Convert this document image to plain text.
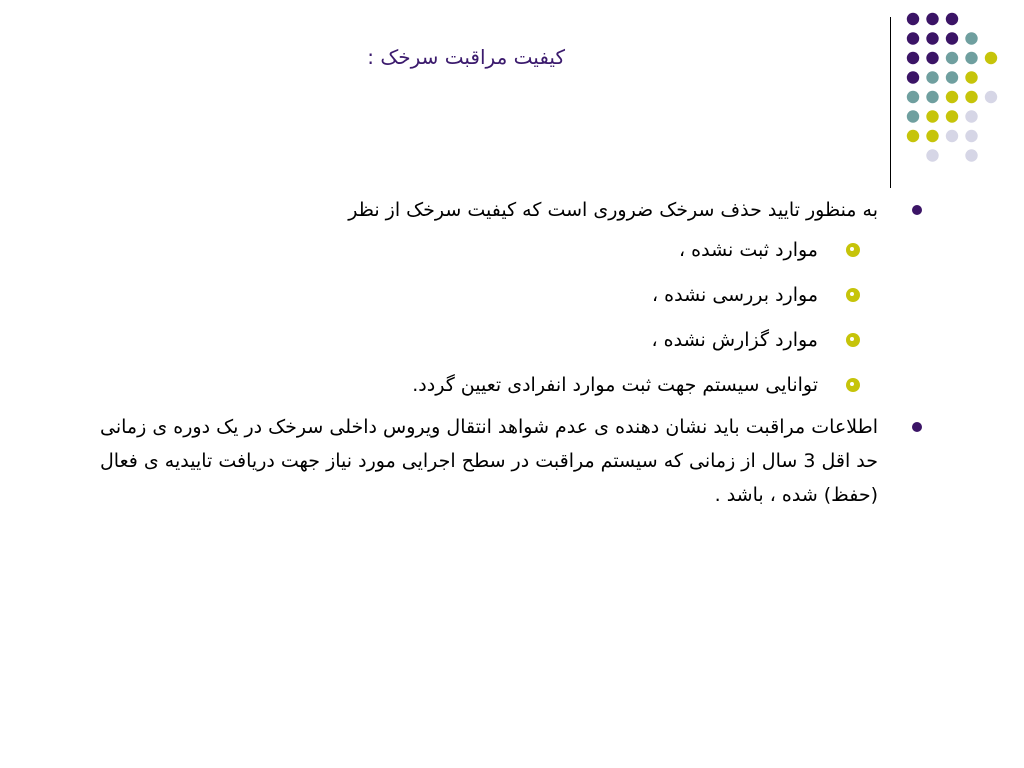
کیفیت مراقبت سرخک :
به منظور تایید حذف سرخک ضروری است که کیفیت سرخک از نظر
موارد ثبت نشده ،
موارد بررسی نشده ،
موارد گزارش نشده ،
توانایی سیستم جهت ثبت موارد انفرادی تعیین گردد.
اطلاعات مراقبت باید نشان دهنده ی عدم شواهد انتقال ویروس داخلی سرخک در یک دوره ی زمانی حد اقل 3 سال از زمانی که سیستم مراقبت در سطح اجرایی مورد نیاز جهت دریافت تاییدیه ی فعال (حفظ) شده ، باشد .
